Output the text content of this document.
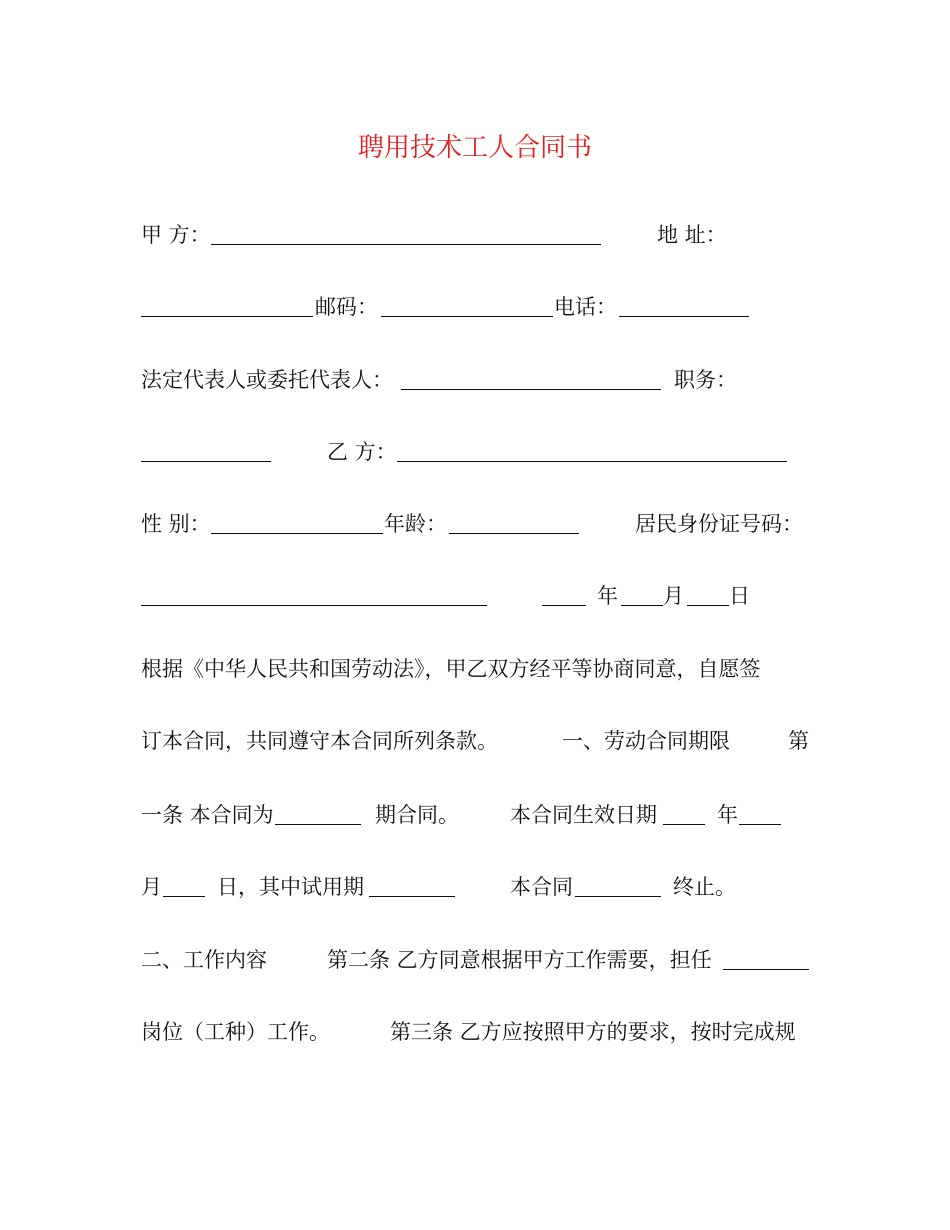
聘用技术工人合同书
甲 方：	地 址：
邮码：	电话：
法定代表人或委托代表人：	职务：
乙 方：
性 别：	年龄：	居民身份证号码：
年 月 日
根据《中华人民共和国劳动法》，甲乙双方经平等协商同意，自愿签
订本合同，共同遵守本合同所列条款。	一、劳动合同期限	第
一条 本合同为	期合同。 本合同生效日期	年
月	日，其中试用期	本合同	终止。
二、工作内容	第二条 乙方同意根据甲方工作需要，担任
岗位（工种）工作。	第三条 乙方应按照甲方的要求，按时完成规
